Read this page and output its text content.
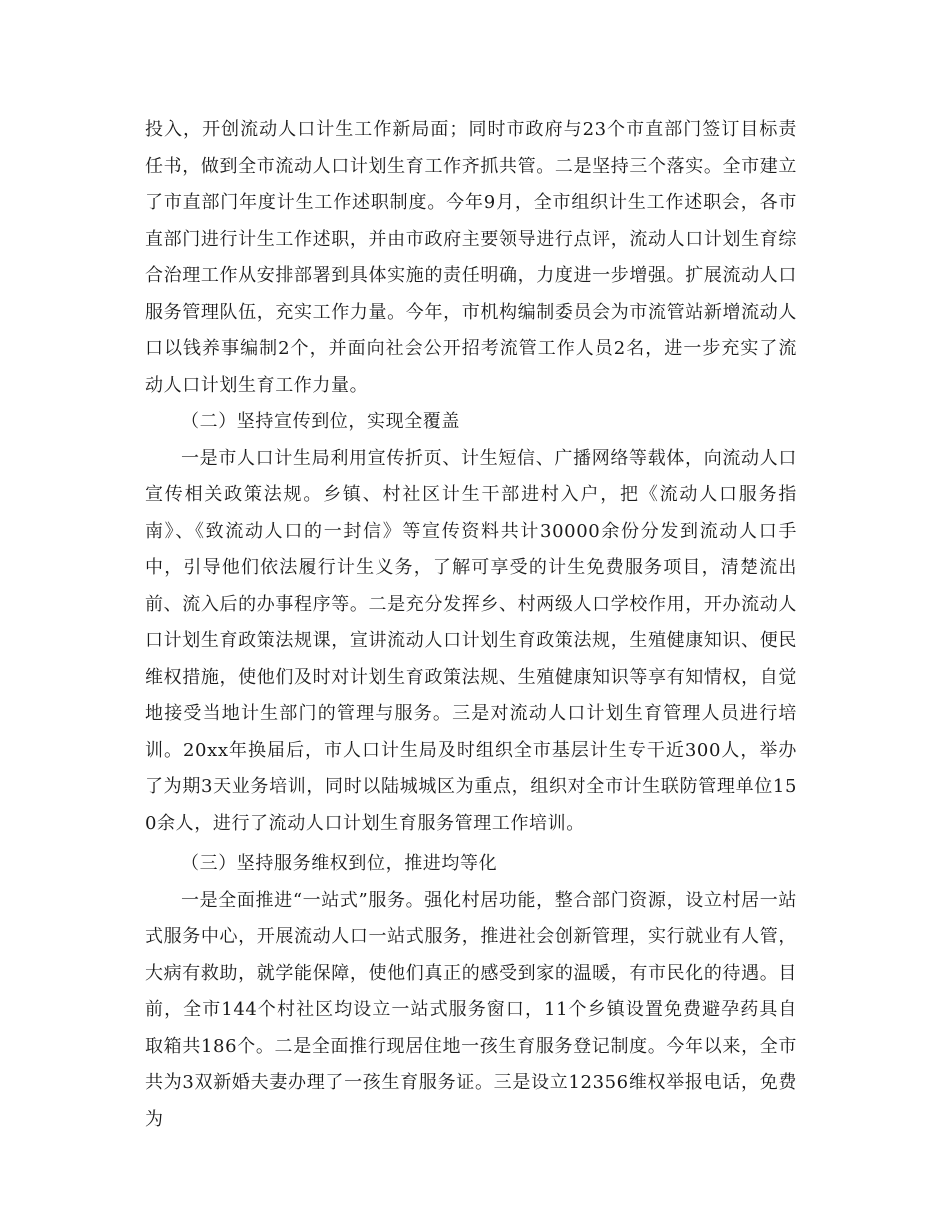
投入，开创流动人口计生工作新局面；同时市政府与23个市直部门签订目标责任书，做到全市流动人口计划生育工作齐抓共管。二是坚持三个落实。全市建立了市直部门年度计生工作述职制度。今年9月，全市组织计生工作述职会，各市直部门进行计生工作述职，并由市政府主要领导进行点评，流动人口计划生育综合治理工作从安排部署到具体实施的责任明确，力度进一步增强。扩展流动人口服务管理队伍，充实工作力量。今年，市机构编制委员会为市流管站新增流动人口以钱养事编制2个，并面向社会公开招考流管工作人员2名，进一步充实了流动人口计划生育工作力量。

（二）坚持宣传到位，实现全覆盖

一是市人口计生局利用宣传折页、计生短信、广播网络等载体，向流动人口宣传相关政策法规。乡镇、村社区计生干部进村入户，把《流动人口服务指南》、《致流动人口的一封信》等宣传资料共计30000余份分发到流动人口手中，引导他们依法履行计生义务，了解可享受的计生免费服务项目，清楚流出前、流入后的办事程序等。二是充分发挥乡、村两级人口学校作用，开办流动人口计划生育政策法规课，宣讲流动人口计划生育政策法规，生殖健康知识、便民维权措施，使他们及时对计划生育政策法规、生殖健康知识等享有知情权，自觉地接受当地计生部门的管理与服务。三是对流动人口计划生育管理人员进行培训。20xx年换届后，市人口计生局及时组织全市基层计生专干近300人，举办了为期3天业务培训，同时以陆城城区为重点，组织对全市计生联防管理单位150余人，进行了流动人口计划生育服务管理工作培训。

（三）坚持服务维权到位，推进均等化

一是全面推进“一站式”服务。强化村居功能，整合部门资源，设立村居一站式服务中心，开展流动人口一站式服务，推进社会创新管理，实行就业有人管，大病有救助，就学能保障，使他们真正的感受到家的温暖，有市民化的待遇。目前，全市144个村社区均设立一站式服务窗口，11个乡镇设置免费避孕药具自取箱共186个。二是全面推行现居住地一孩生育服务登记制度。今年以来，全市共为3双新婚夫妻办理了一孩生育服务证。三是设立12356维权举报电话，免费为
